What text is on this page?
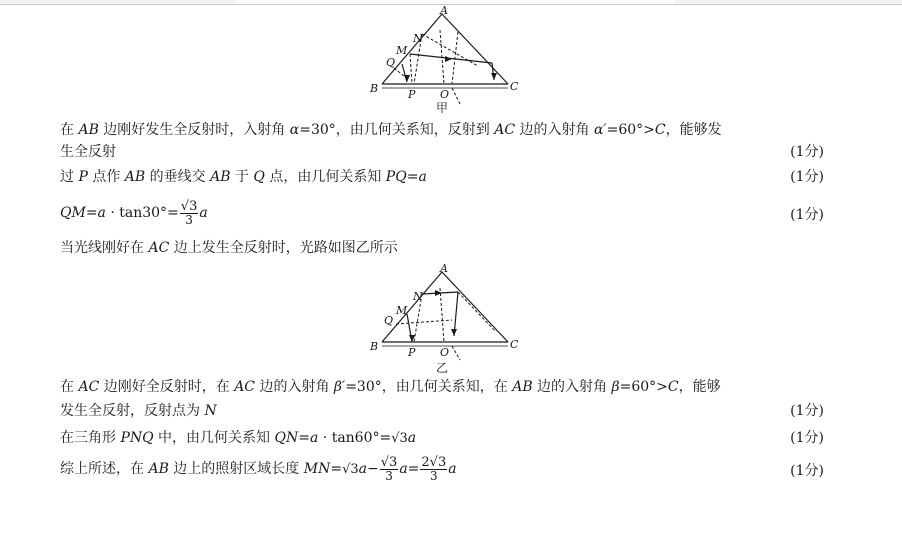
A
B	C
M
N
Q
P O
甲
在 AB 边刚好发生全反射时，入射角 α=30°，由几何关系知，反射到 AC 边的入射角 α′=60°>C，能够发
生全反射	(1分)
过 P 点作 AB 的垂线交 AB 于 Q 点，由几何关系知 PQ=a	(1分)
$QM=a \cdot \tan 30^\circ= \frac{√3}{3}$ a	(1分)
当光线刚好在 AC 边上发生全反射时，光路如图乙所示
A
B	C
M
N
Q
P O
乙
在 AC 边刚好全反射时，在 AC 边的入射角 β′=30°，由几何关系知，在 AB 边的入射角 β=60°>C，能够
发生全反射，反射点为 N	(1分)
在三角形 PNQ 中，由几何关系知 QN=a · tan60°=√3a	(1分)
综上所述，在 AB 边上的照射区域长度 $MN=√3a- \frac{√3}{3} a= \frac{2√3}{3}$ a	(1分)
